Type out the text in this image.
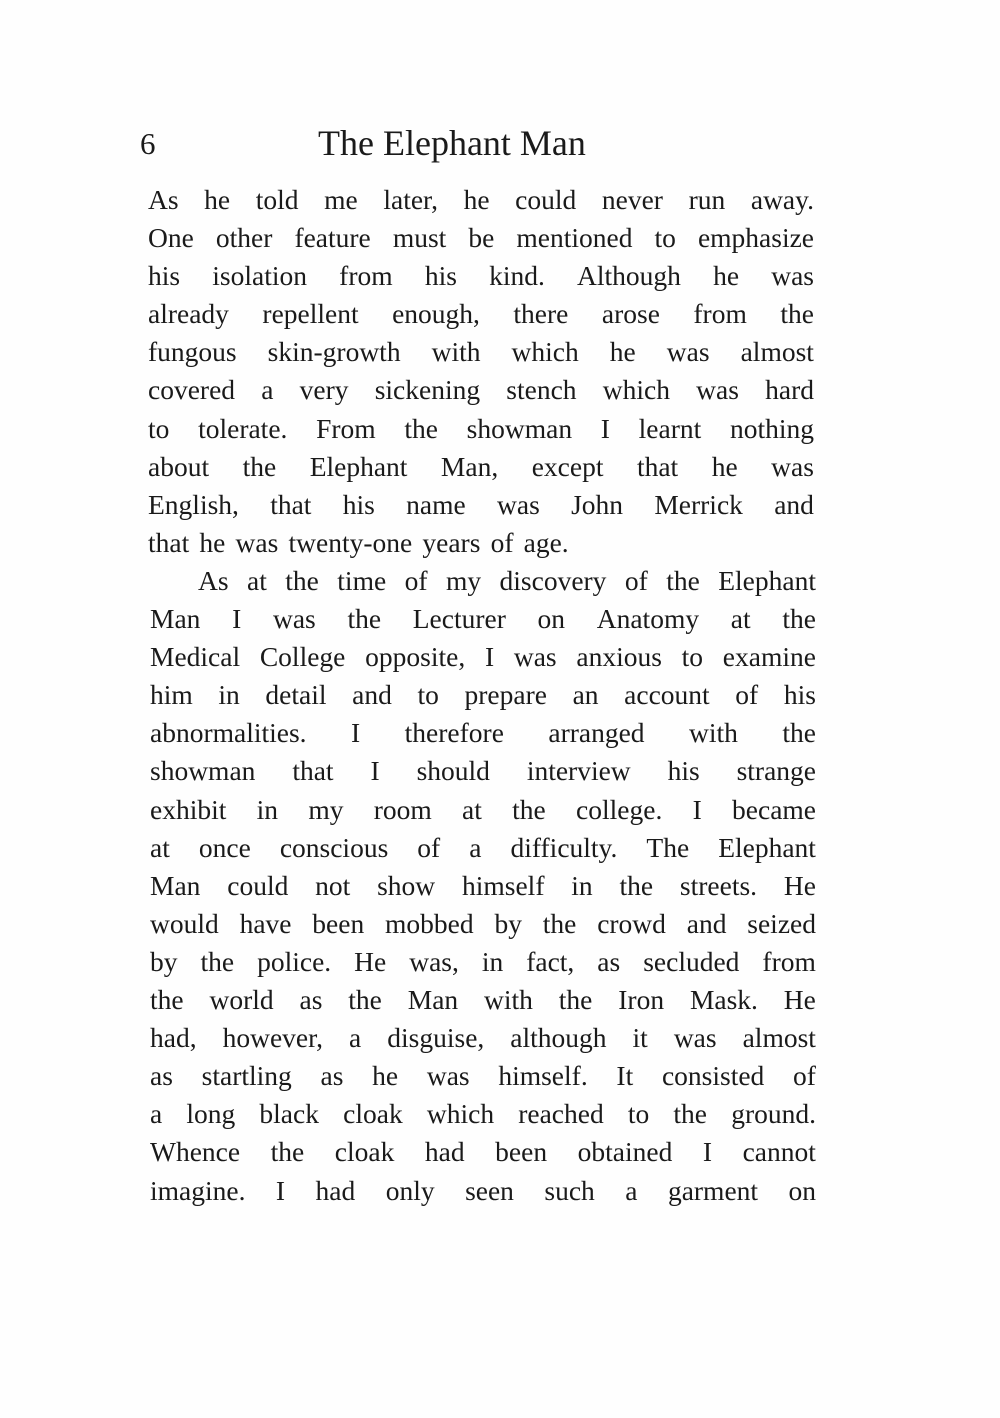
6	The Elephant Man
As he told me later, he could never run away.
One other feature must be mentioned to emphasize
his isolation from his kind. Although he was
already repellent enough, there arose from the
fungous skin-growth with which he was almost
covered a very sickening stench which was hard
to tolerate. From the showman I learnt nothing
about the Elephant Man, except that he was
English, that his name was John Merrick and
that he was twenty-one years of age.
As at the time of my discovery of the Elephant
Man I was the Lecturer on Anatomy at the
Medical College opposite, I was anxious to examine
him in detail and to prepare an account of his
abnormalities. I therefore arranged with the
showman that I should interview his strange
exhibit in my room at the college. I became
at once conscious of a difficulty. The Elephant
Man could not show himself in the streets. He
would have been mobbed by the crowd and seized
by the police. He was, in fact, as secluded from
the world as the Man with the Iron Mask. He
had, however, a disguise, although it was almost
as startling as he was himself. It consisted of
a long black cloak which reached to the ground.
Whence the cloak had been obtained I cannot
imagine. I had only seen such a garment on
